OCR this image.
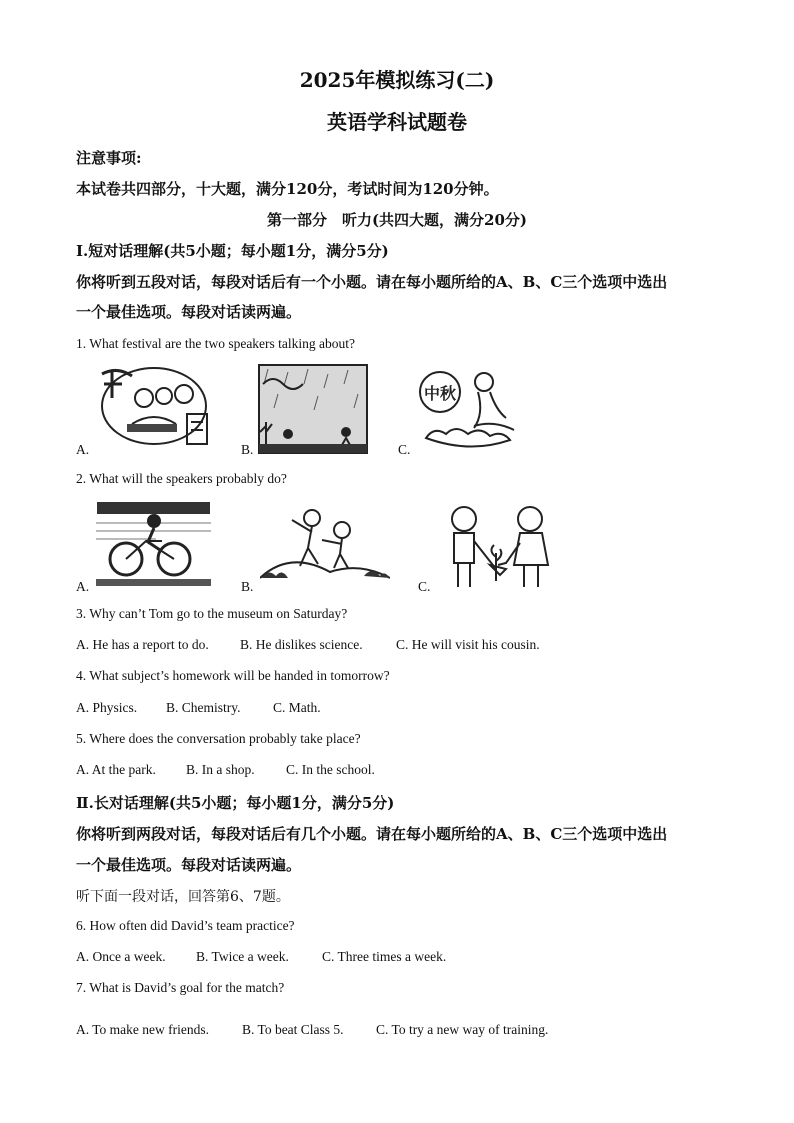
2025年模拟练习(二)
英语学科试题卷
注意事项:
本试卷共四部分，十大题，满分120分，考试时间为120分钟。
第一部分　听力(共四大题，满分20分)
Ⅰ.短对话理解(共5小题；每小题1分，满分5分)
你将听到五段对话，每段对话后有一个小题。请在每小题所给的A、B、C三个选项中选出
一个最佳选项。每段对话读两遍。
1. What festival are the two speakers talking about?
A.	B.
中秋
C.
2. What will the speakers probably do?
A.	B.	C.
3. Why can’t Tom go to the museum on Saturday?
A. He has a report to do. B. He dislikes science. C. He will visit his cousin.
4. What subject’s homework will be handed in tomorrow?
A. Physics. B. Chemistry. C. Math.
5. Where does the conversation probably take place?
A. At the park. B. In a shop. C. In the school.
Ⅱ.长对话理解(共5小题；每小题1分，满分5分)
你将听到两段对话，每段对话后有几个小题。请在每小题所给的A、B、C三个选项中选出
一个最佳选项。每段对话读两遍。
听下面一段对话，回答第6、7题。
6. How often did David’s team practice?
A. Once a week. B. Twice a week. C. Three times a week.
7. What is David’s goal for the match?
A. To make new friends. B. To beat Class 5. C. To try a new way of training.
